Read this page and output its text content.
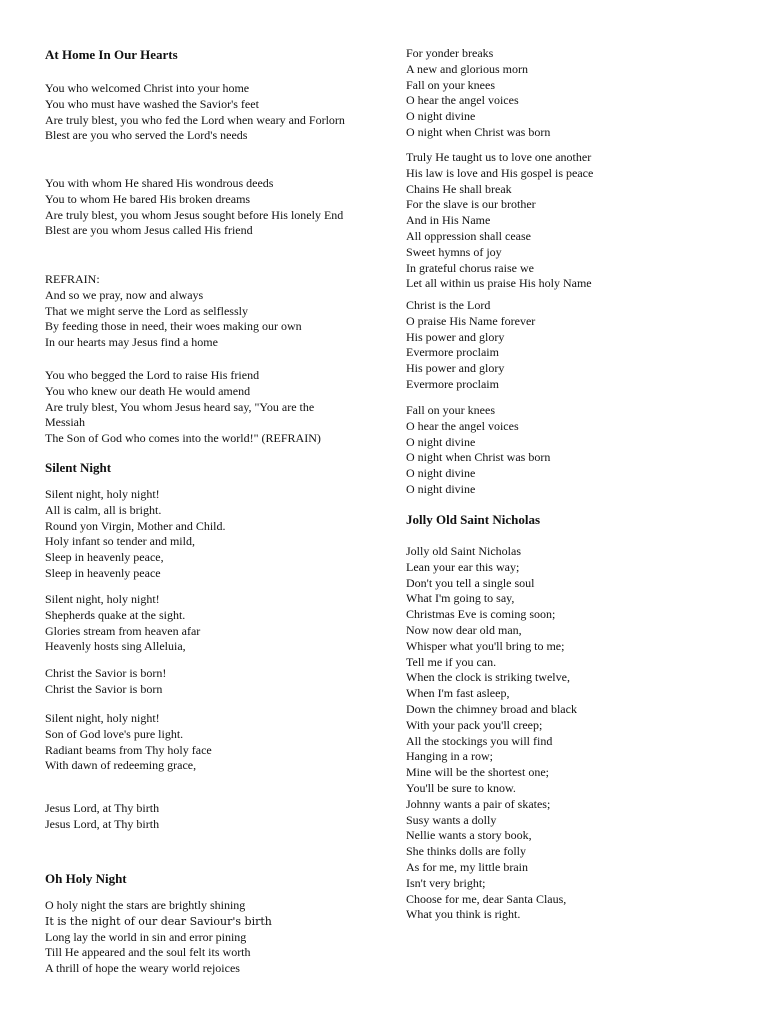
At Home In Our Hearts
You who welcomed Christ into your home
You who must have washed the Savior's feet
Are truly blest, you who fed the Lord when weary and Forlorn
Blest are you who served the Lord's needs
You with whom He shared His wondrous deeds
You to whom He bared His broken dreams
Are truly blest, you whom Jesus sought before His lonely End
Blest are you whom Jesus called His friend
REFRAIN:
And so we pray, now and always
That we might serve the Lord as selflessly
By feeding those in need, their woes making our own
In our hearts may Jesus find a home
You who begged the Lord to raise His friend
You who knew our death He would amend
Are truly blest, You whom Jesus heard say, "You are the Messiah
The Son of God who comes into the world!" (REFRAIN)
Silent Night
Silent night, holy night!
All is calm, all is bright.
Round yon Virgin, Mother and Child.
Holy infant so tender and mild,
Sleep in heavenly peace,
Sleep in heavenly peace
Silent night, holy night!
Shepherds quake at the sight.
Glories stream from heaven afar
Heavenly hosts sing Alleluia,
Christ the Savior is born!
Christ the Savior is born
Silent night, holy night!
Son of God love's pure light.
Radiant beams from Thy holy face
With dawn of redeeming grace,
Jesus Lord, at Thy birth
Jesus Lord, at Thy birth
Oh Holy Night
O holy night the stars are brightly shining
It is the night of our dear Saviour's birth
Long lay the world in sin and error pining
Till He appeared and the soul felt its worth
A thrill of hope the weary world rejoices
For yonder breaks
A new and glorious morn
Fall on your knees
O hear the angel voices
O night divine
O night when Christ was born
Truly He taught us to love one another
His law is love and His gospel is peace
Chains He shall break
For the slave is our brother
And in His Name
All oppression shall cease
Sweet hymns of joy
In grateful chorus raise we
Let all within us praise His holy Name
Christ is the Lord
O praise His Name forever
His power and glory
Evermore proclaim
His power and glory
Evermore proclaim
Fall on your knees
O hear the angel voices
O night divine
O night when Christ was born
O night divine
O night divine
Jolly Old Saint Nicholas
Jolly old Saint Nicholas
Lean your ear this way;
Don't you tell a single soul
What I'm going to say,
Christmas Eve is coming soon;
Now now dear old man,
Whisper what you'll bring to me;
Tell me if you can.
When the clock is striking twelve,
When I'm fast asleep,
Down the chimney broad and black
With your pack you'll creep;
All the stockings you will find
Hanging in a row;
Mine will be the shortest one;
You'll be sure to know.
Johnny wants a pair of skates;
Susy wants a dolly
Nellie wants a story book,
She thinks dolls are folly
As for me, my little brain
Isn't very bright;
Choose for me, dear Santa Claus,
What you think is right.
